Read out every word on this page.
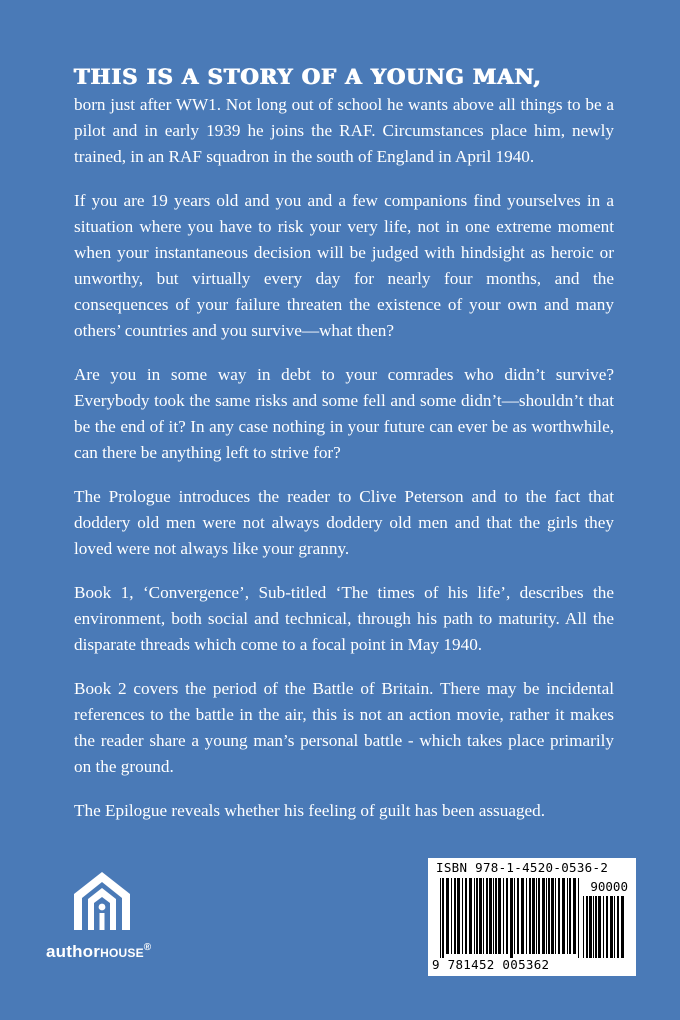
THIS IS A STORY OF A YOUNG MAN,

born just after WW1. Not long out of school he wants above all things to be a pilot and in early 1939 he joins the RAF. Circumstances place him, newly trained, in an RAF squadron in the south of England in April 1940.

If you are 19 years old and you and a few companions find yourselves in a situation where you have to risk your very life, not in one extreme moment when your instantaneous decision will be judged with hindsight as heroic or unworthy, but virtually every day for nearly four months, and the consequences of your failure threaten the existence of your own and many others’ countries and you survive—what then?

Are you in some way in debt to your comrades who didn’t survive? Everybody took the same risks and some fell and some didn’t—shouldn’t that be the end of it? In any case nothing in your future can ever be as worthwhile, can there be anything left to strive for?

The Prologue introduces the reader to Clive Peterson and to the fact that doddery old men were not always doddery old men and that the girls they loved were not always like your granny.

Book 1, ‘Convergence’, Sub-titled ‘The times of his life’, describes the environment, both social and technical, through his path to maturity. All the disparate threads which come to a focal point in May 1940.

Book 2 covers the period of the Battle of Britain. There may be incidental references to the battle in the air, this is not an action movie, rather it makes the reader share a young man’s personal battle - which takes place primarily on the ground.

The Epilogue reveals whether his feeling of guilt has been assuaged.

authorHOUSE®
ISBN 978-1-4520-0536-2
90000
9 781452 005362
